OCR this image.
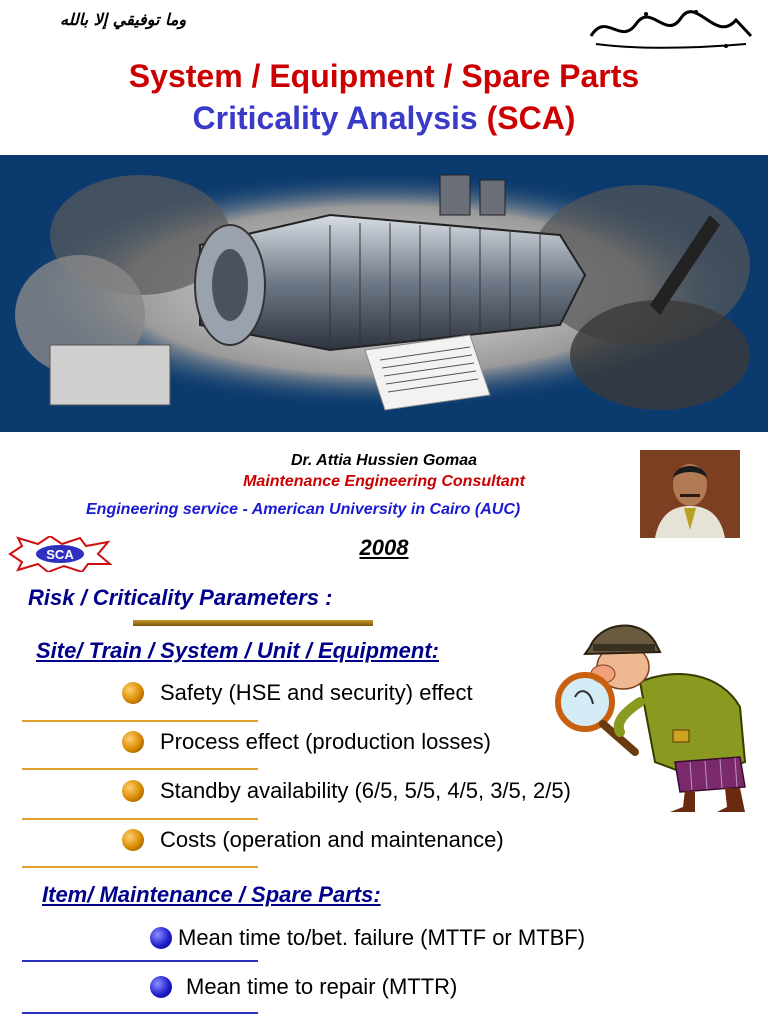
وما توفيقي إلا بالله
System / Equipment / Spare Parts
Criticality Analysis (SCA)
Dr. Attia Hussien Gomaa
Maintenance Engineering Consultant
Engineering service - American University in Cairo (AUC)
2008
SCA
Risk / Criticality Parameters :
Site/ Train / System / Unit / Equipment:
Safety (HSE and security) effect
Process effect (production losses)
Standby availability (6/5, 5/5, 4/5, 3/5, 2/5)
Costs (operation and maintenance)
Item/ Maintenance / Spare Parts:
Mean time to/bet. failure (MTTF or MTBF)
Mean time to repair (MTTR)
